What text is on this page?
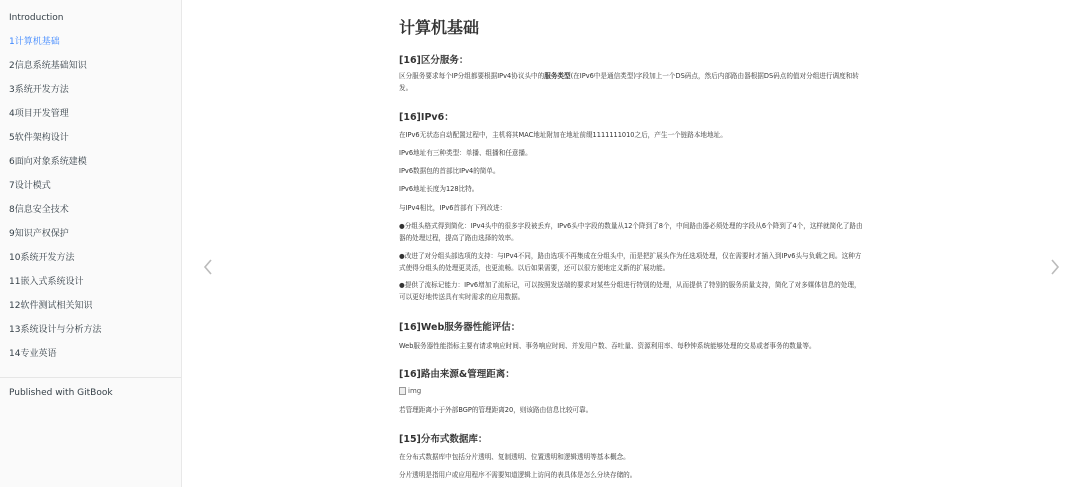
Introduction
1计算机基础
2信息系统基础知识
3系统开发方法
4项目开发管理
5软件架构设计
6面向对象系统建模
7设计模式
8信息安全技术
9知识产权保护
10系统开发方法
11嵌入式系统设计
12软件测试相关知识
13系统设计与分析方法
14专业英语
Published with GitBook
计算机基础
[16]区分服务：

区分服务要求每个IP分组都要根据IPv4协议头中的服务类型(在IPv6中是通信类型)字段加上一个DS码点，然后内部路由器根据DS码点的值对分组进行调度和转发。

[16]IPv6：

在IPv6无状态自动配置过程中，主机将其MAC地址附加在地址前缀1111111010之后，产生一个链路本地地址。

IPv6地址有三种类型：单播、组播和任意播。

IPv6数据包的首部比IPv4的简单。

IPv6地址长度为128比特。

与IPv4相比，IPv6首部有下列改进：

●分组头格式得到简化：IPv4头中的很多字段被丢弃，IPv6头中字段的数量从12个降到了8个，中间路由器必须处理的字段从6个降到了4个，这样就简化了路由器的处理过程，提高了路由选择的效率。

●改进了对分组头部选项的支持：与IPv4不同，路由选项不再集成在分组头中，而是把扩展头作为任选项处理，仅在需要时才插入到IPv6头与负载之间。这种方式使得分组头的处理更灵活，也更流畅。以后如果需要，还可以很方便地定义新的扩展功能。

●提供了流标记能力：IPv6增加了流标记，可以按照发送端的要求对某些分组进行特别的处理，从而提供了特别的服务质量支持，简化了对多媒体信息的处理，可以更好地传送具有实时需求的应用数据。

[16]Web服务器性能评估：

Web服务器性能指标主要有请求响应时间、事务响应时间、并发用户数、吞吐量、资源利用率、每秒钟系统能够处理的交易或者事务的数量等。

[16]路由来源&管理距离：
img

若管理距离小于外部BGP的管理距离20，则该路由信息比较可靠。

[15]分布式数据库：

在分布式数据库中包括分片透明、复制透明、位置透明和逻辑透明等基本概念。

分片透明是指用户或应用程序不需要知道逻辑上访问的表具体是怎么分块存储的。
